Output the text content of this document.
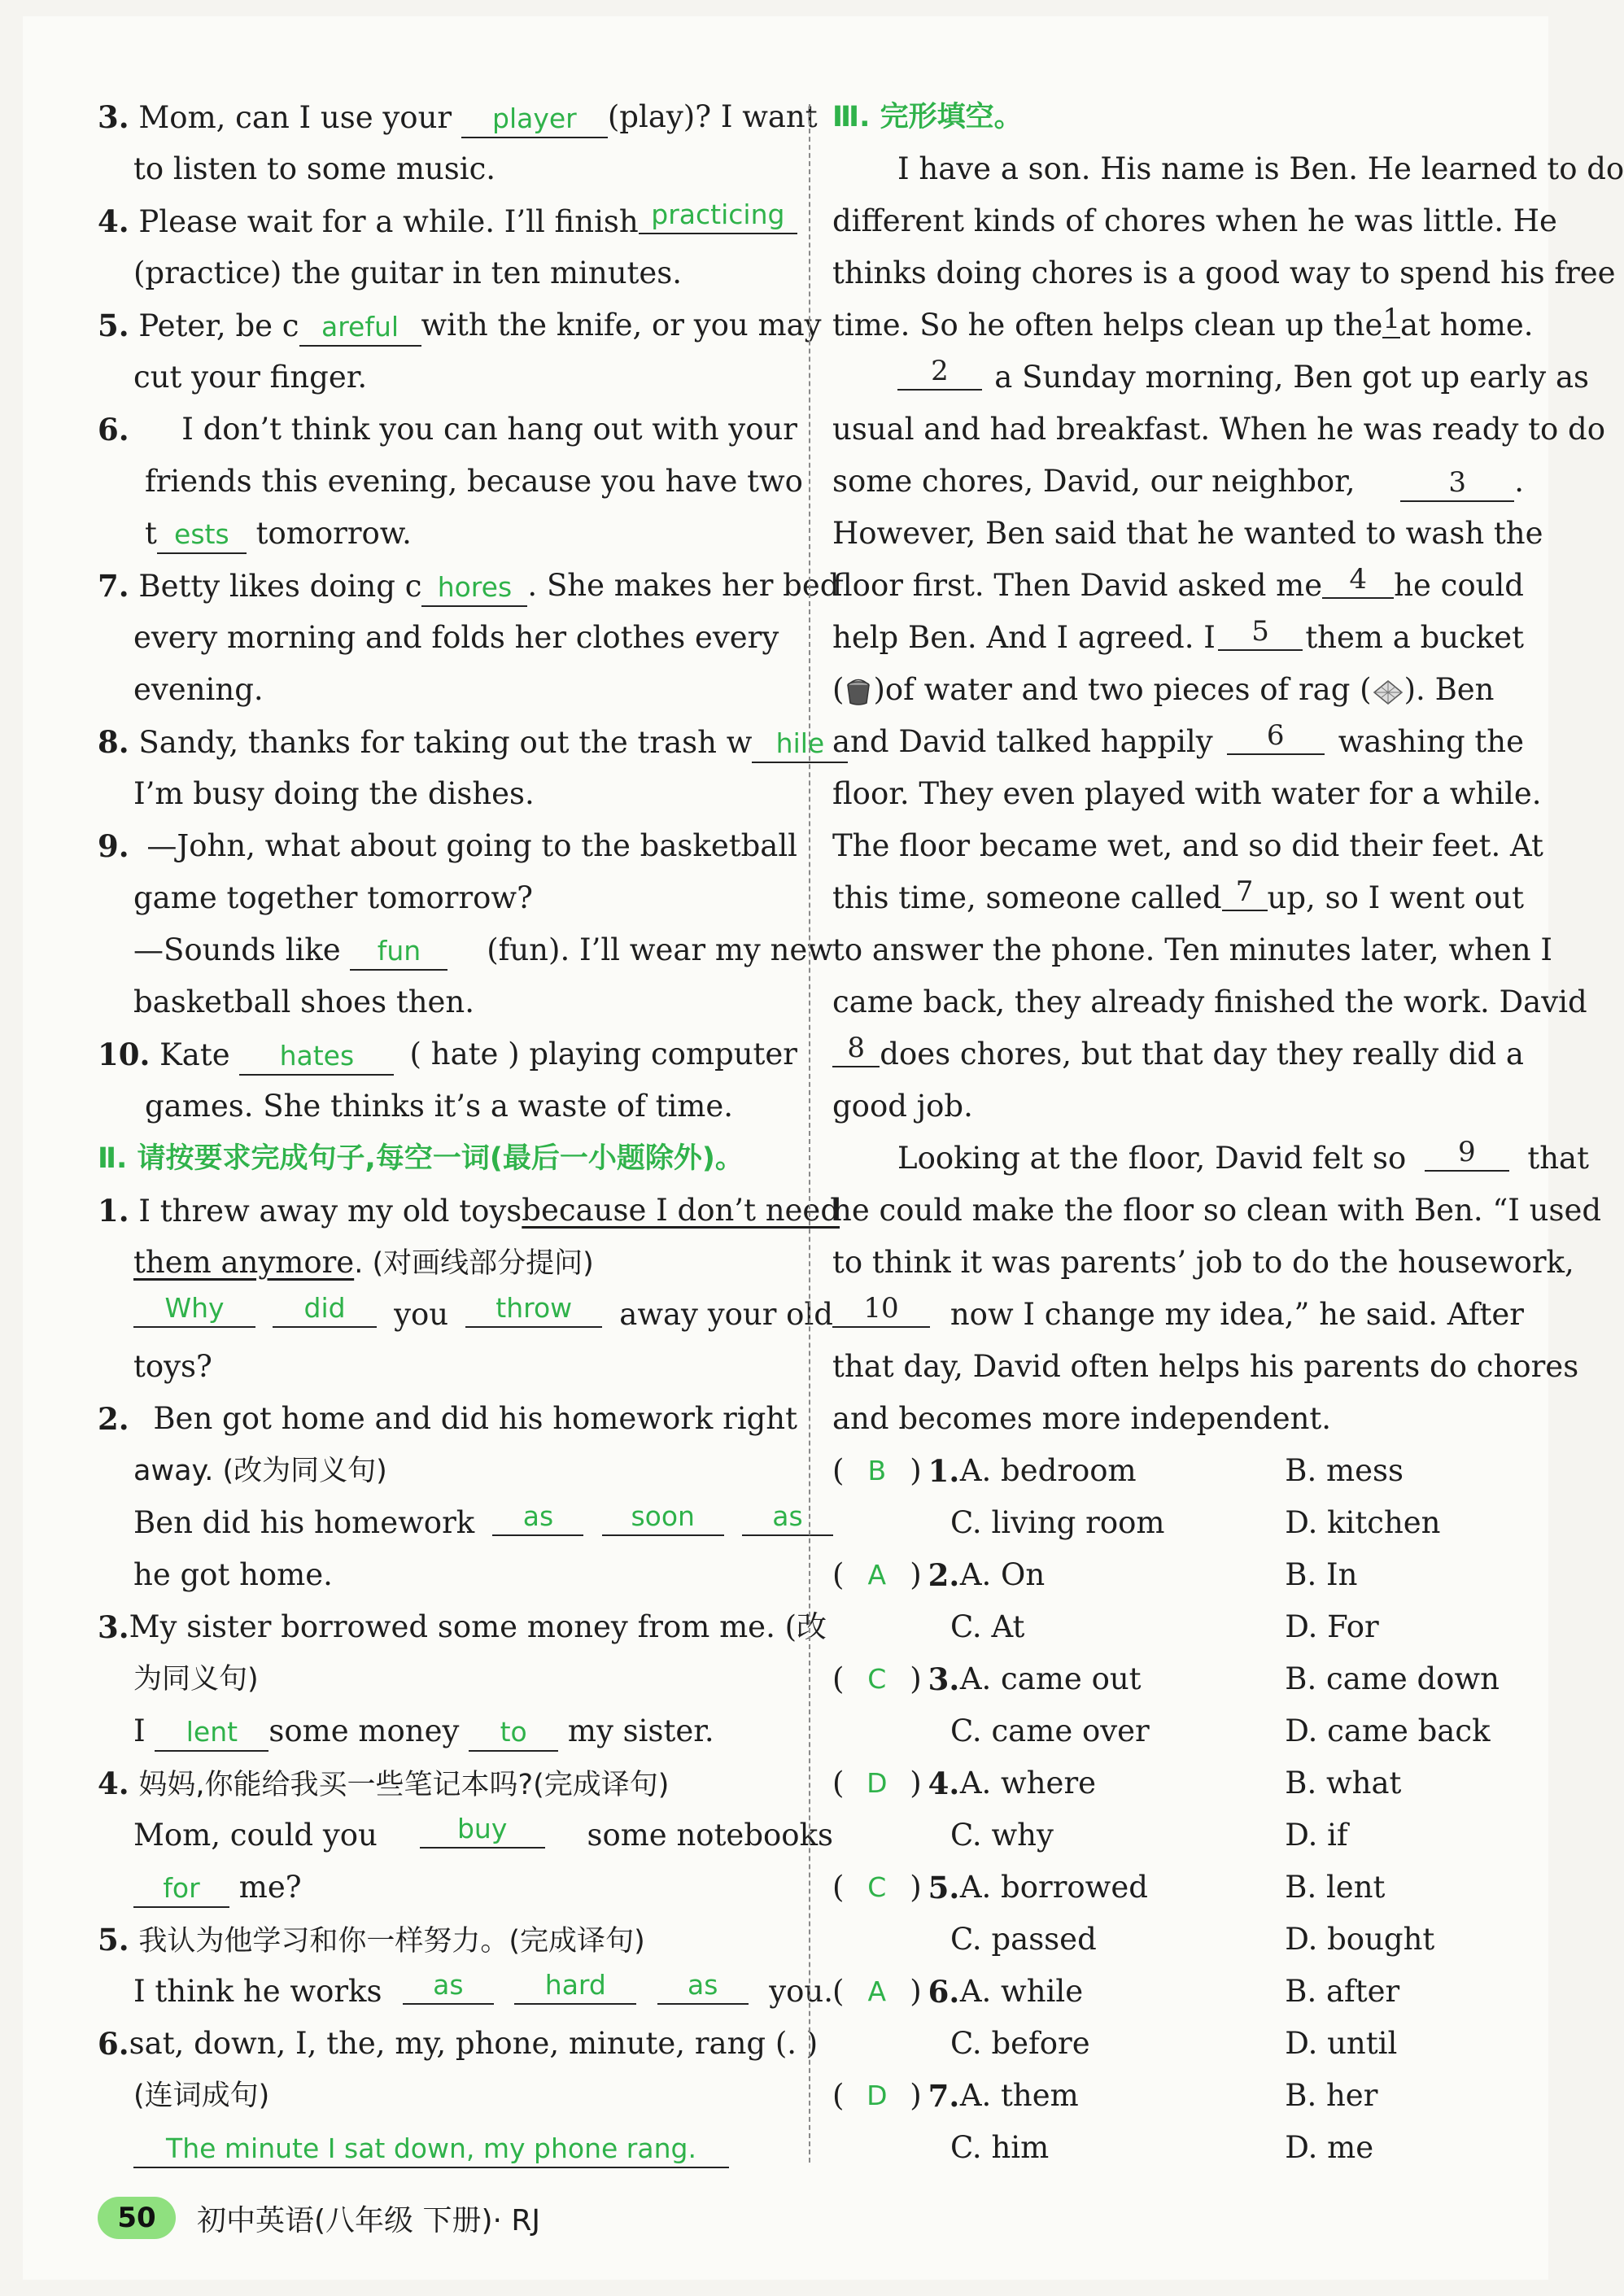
3. Mom, can I use your player	(play)? I want
to listen to some music.
4. Please wait for a while. I’ll finish practicing
(practice) the guitar in ten minutes.
5. Peter, be c areful with the knife, or you may
cut your finger.
6. I don’t think you can hang out with your
friends this evening, because you have two
t ests tomorrow.
7. Betty likes doing c hores . She makes her bed
every morning and folds her clothes every
evening.
8. Sandy, thanks for taking out the trash w hile
I’m busy doing the dishes.
9. —John, what about going to the basketball
game together tomorrow?
—Sounds like fun	(fun). I’ll wear my new
basketball shoes then.
10. Kate hates	( hate ) playing computer
games. She thinks it’s a waste of time.
Ⅱ. 请按要求完成句子,每空一词(最后一小题除外)。
1. I threw away my old toys because I don’t need
them anymore. (对画线部分提问)
Why	did	you	throw	away your old
toys?
2. Ben got home and did his homework right
away. (改为同义句)
Ben did his homework	as	soon	as
he got home.
3. My sister borrowed some money from me. (改
为同义句)
I lent some money to my sister.
4. 妈妈,你能给我买一些笔记本吗?(完成译句)
Mom, could you	buy	some notebooks
for me?
5. 我认为他学习和你一样努力。(完成译句)
I think he works	as	hard	as	you.
6. sat, down, I, the, my, phone, minute, rang (. )
(连词成句)
The minute I sat down, my phone rang.
Ⅲ. 完形填空。
I have a son. His name is Ben. He learned to do
different kinds of chores when he was little. He
thinks doing chores is a good way to spend his free
time. So he often helps clean up the 1 at home.
2	a Sunday morning, Ben got up early as
usual and had breakfast. When he was ready to do
some chores, David, our neighbor,	3 .
However, Ben said that he wanted to wash the
floor first. Then David asked me 4 he could
help Ben. And I agreed. I	5	them a bucket
( )of water and two pieces of rag ( ). Ben
and David talked happily	6	washing the
floor. They even played with water for a while.
The floor became wet, and so did their feet. At
this time, someone called 7 up, so I went out
to answer the phone. Ten minutes later, when I
came back, they already finished the work. David
8 does chores, but that day they really did a
good job.
Looking at the floor, David felt so	9	that
he could make the floor so clean with Ben. “I used
to think it was parents’ job to do the housework,
10	now I change my idea,” he said. After
that day, David often helps his parents do chores
and becomes more independent.
( B ) 1. A. bedroom	B. mess
C. living room	D. kitchen
( A ) 2. A. On	B. In
C. At	D. For
( C ) 3. A. came out	B. came down
C. came over	D. came back
( D ) 4. A. where	B. what
C. why	D. if
( C ) 5. A. borrowed	B. lent
C. passed	D. bought
( A ) 6. A. while	B. after
C. before	D. until
( D ) 7. A. them	B. her
C. him	D. me
50	初中英语(八年级 下册)· RJ
